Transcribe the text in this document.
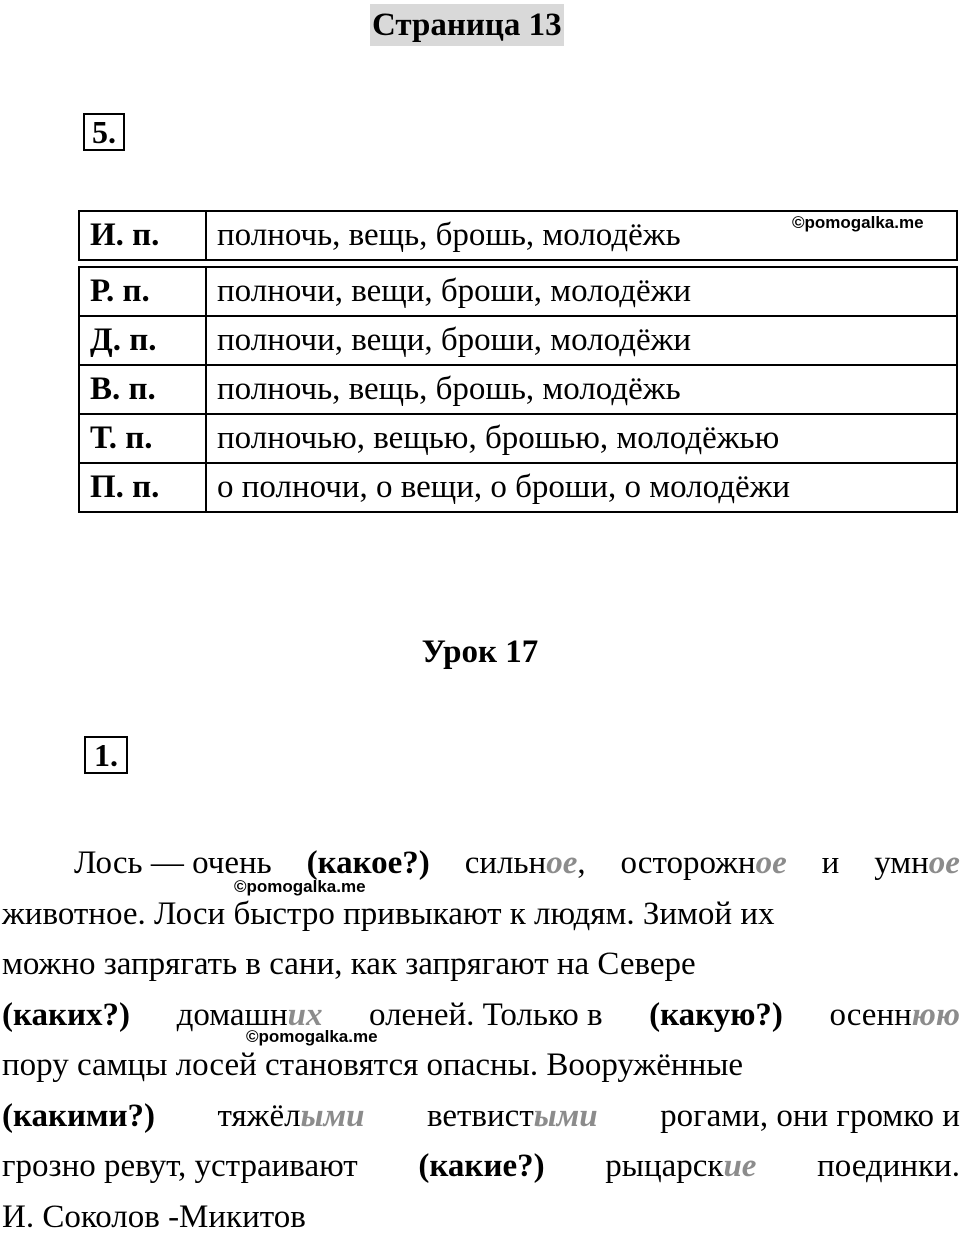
Страница 13
5.
И. п.	полночь, вещь, брошь, молодёжь	©pomogalka.me
Р. п.	полночи, вещи, броши, молодёжи
Д. п.	полночи, вещи, броши, молодёжи
В. п.	полночь, вещь, брошь, молодёжь
Т. п.	полночью, вещью, брошью, молодёжью
П. п.	о полночи, о вещи, о броши, о молодёжи
Урок 17
1.
Лось — очень (какое?) сильное, осторожное и умное
животное. Лоси быстро привыкают к людям. Зимой их
можно запрягать в сани, как запрягают на Севере
(каких?) домашних оленей. Только в (какую?) осеннюю
пору самцы лосей становятся опасны. Вооружённые
(какими?) тяжёлыми ветвистыми рогами, они громко и
грозно ревут, устраивают (какие?) рыцарские поединки.
И. Соколов -Микитов
©pomogalka.me
©pomogalka.me
